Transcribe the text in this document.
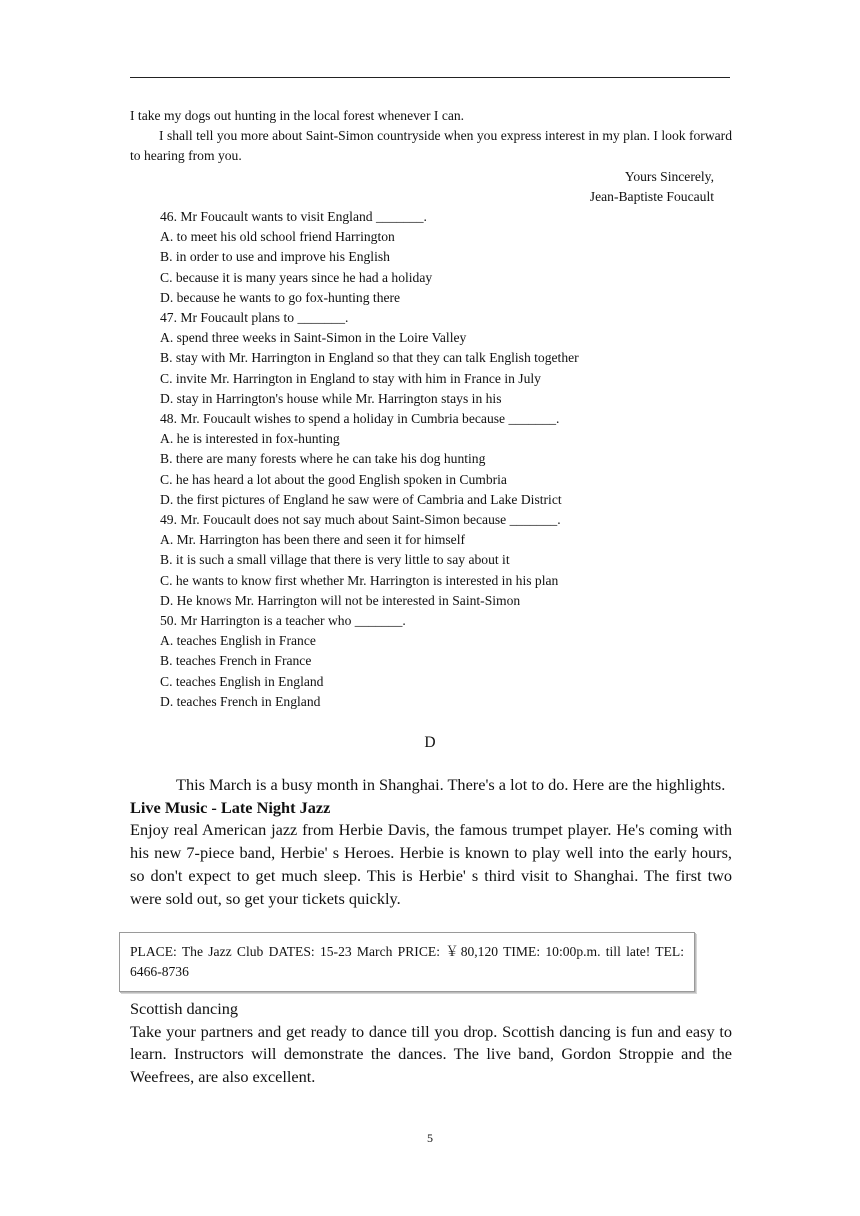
I take my dogs out hunting in the local forest whenever I can.

I shall tell you more about Saint-Simon countryside when you express interest in my plan. I look forward to hearing from you.

Yours Sincerely,
Jean-Baptiste Foucault
46. Mr Foucault wants to visit England _______.
A. to meet his old school friend Harrington
B. in order to use and improve his English
C. because it is many years since he had a holiday
D. because he wants to go fox-hunting there
47. Mr Foucault plans to _______.
A. spend three weeks in Saint-Simon in the Loire Valley
B. stay with Mr. Harrington in England so that they can talk English together
C. invite Mr. Harrington in England to stay with him in France in July
D. stay in Harrington's house while Mr. Harrington stays in his
48. Mr. Foucault wishes to spend a holiday in Cumbria because _______.
A. he is interested in fox-hunting
B. there are many forests where he can take his dog hunting
C. he has heard a lot about the good English spoken in Cumbria
D. the first pictures of England he saw were of Cambria and Lake District
49. Mr. Foucault does not say much about Saint-Simon because _______.
A. Mr. Harrington has been there and seen it for himself
B. it is such a small village that there is very little to say about it
C. he wants to know first whether Mr. Harrington is interested in his plan
D. He knows Mr. Harrington will not be interested in Saint-Simon
50. Mr Harrington is a teacher who _______.
A. teaches English in France
B. teaches French in France
C. teaches English in England
D. teaches French in England
D

This March is a busy month in Shanghai. There's a lot to do. Here are the highlights.

Live Music - Late Night Jazz

Enjoy real American jazz from Herbie Davis, the famous trumpet player. He's coming with his new 7-piece band, Herbie' s Heroes. Herbie is known to play well into the early hours, so don't expect to get much sleep. This is Herbie' s third visit to Shanghai. The first two were sold out, so get your tickets quickly.

PLACE: The Jazz Club DATES: 15-23 March PRICE: ￥80,120 TIME: 10:00p.m. till late! TEL: 6466-8736

Scottish dancing

Take your partners and get ready to dance till you drop. Scottish dancing is fun and easy to learn. Instructors will demonstrate the dances. The live band, Gordon Stroppie and the Weefrees, are also excellent.

5
